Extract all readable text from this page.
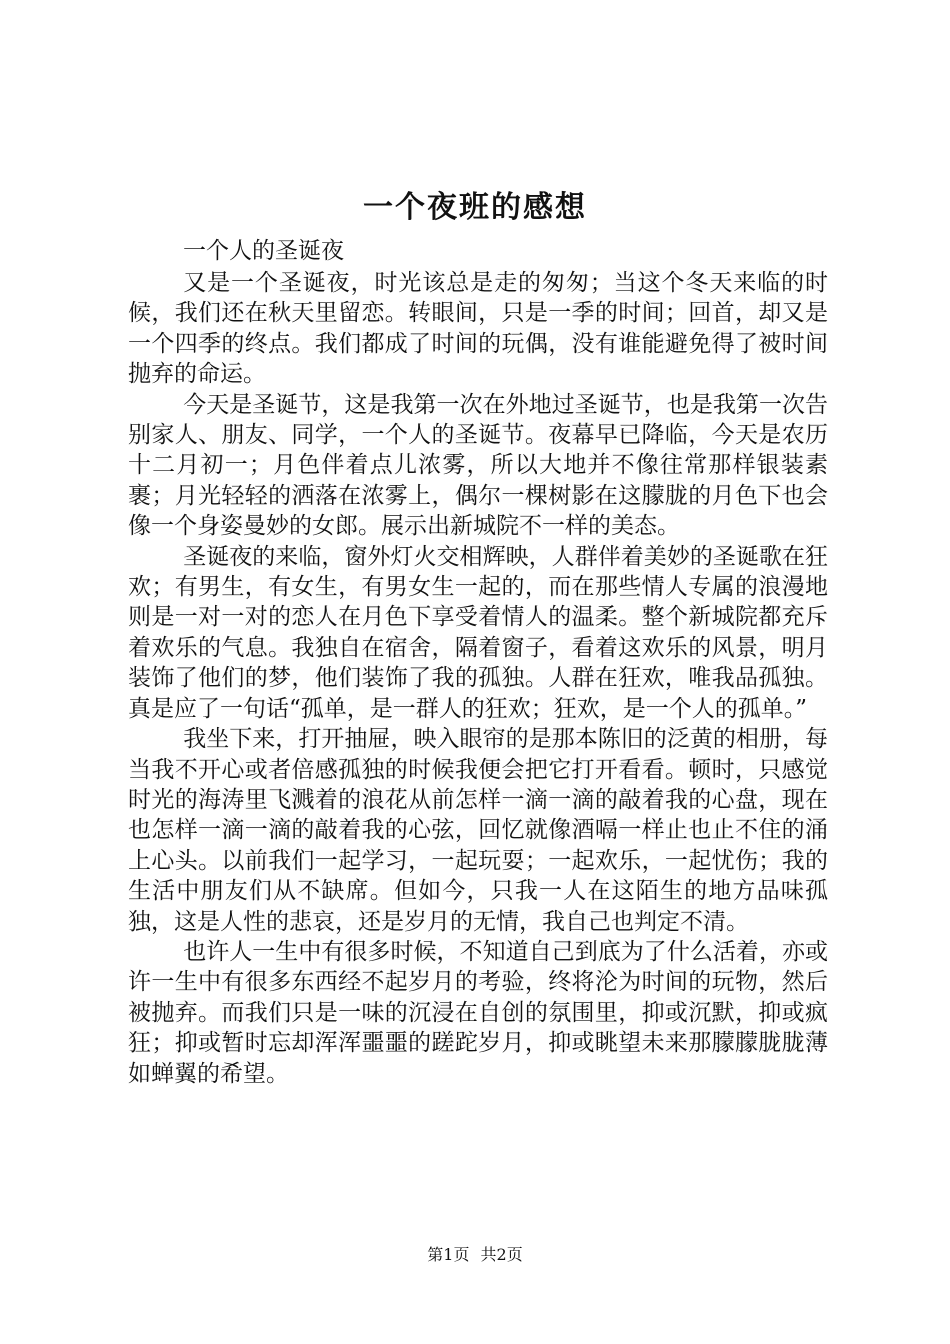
一个夜班的感想
一个人的圣诞夜

又是一个圣诞夜，时光该总是走的匆匆；当这个冬天来临的时候，我们还在秋天里留恋。转眼间，只是一季的时间；回首，却又是一个四季的终点。我们都成了时间的玩偶，没有谁能避免得了被时间抛弃的命运。

今天是圣诞节，这是我第一次在外地过圣诞节，也是我第一次告别家人、朋友、同学，一个人的圣诞节。夜幕早已降临，今天是农历十二月初一；月色伴着点儿浓雾，所以大地并不像往常那样银装素裹；月光轻轻的洒落在浓雾上，偶尔一棵树影在这朦胧的月色下也会像一个身姿曼妙的女郎。展示出新城院不一样的美态。

圣诞夜的来临，窗外灯火交相辉映，人群伴着美妙的圣诞歌在狂欢；有男生，有女生，有男女生一起的，而在那些情人专属的浪漫地则是一对一对的恋人在月色下享受着情人的温柔。整个新城院都充斥着欢乐的气息。我独自在宿舍，隔着窗子，看着这欢乐的风景，明月装饰了他们的梦，他们装饰了我的孤独。人群在狂欢，唯我品孤独。真是应了一句话“孤单，是一群人的狂欢；狂欢，是一个人的孤单。”

我坐下来，打开抽屉，映入眼帘的是那本陈旧的泛黄的相册，每当我不开心或者倍感孤独的时候我便会把它打开看看。顿时，只感觉时光的海涛里飞溅着的浪花从前怎样一滴一滴的敲着我的心盘，现在也怎样一滴一滴的敲着我的心弦，回忆就像酒嗝一样止也止不住的涌上心头。以前我们一起学习，一起玩耍；一起欢乐，一起忧伤；我的生活中朋友们从不缺席。但如今，只我一人在这陌生的地方品味孤独，这是人性的悲哀，还是岁月的无情，我自己也判定不清。

也许人一生中有很多时候，不知道自己到底为了什么活着，亦或许一生中有很多东西经不起岁月的考验，终将沦为时间的玩物，然后被抛弃。而我们只是一味的沉浸在自创的氛围里，抑或沉默，抑或疯狂；抑或暂时忘却浑浑噩噩的蹉跎岁月，抑或眺望未来那朦朦胧胧薄如蝉翼的希望。

第1页 共2页
